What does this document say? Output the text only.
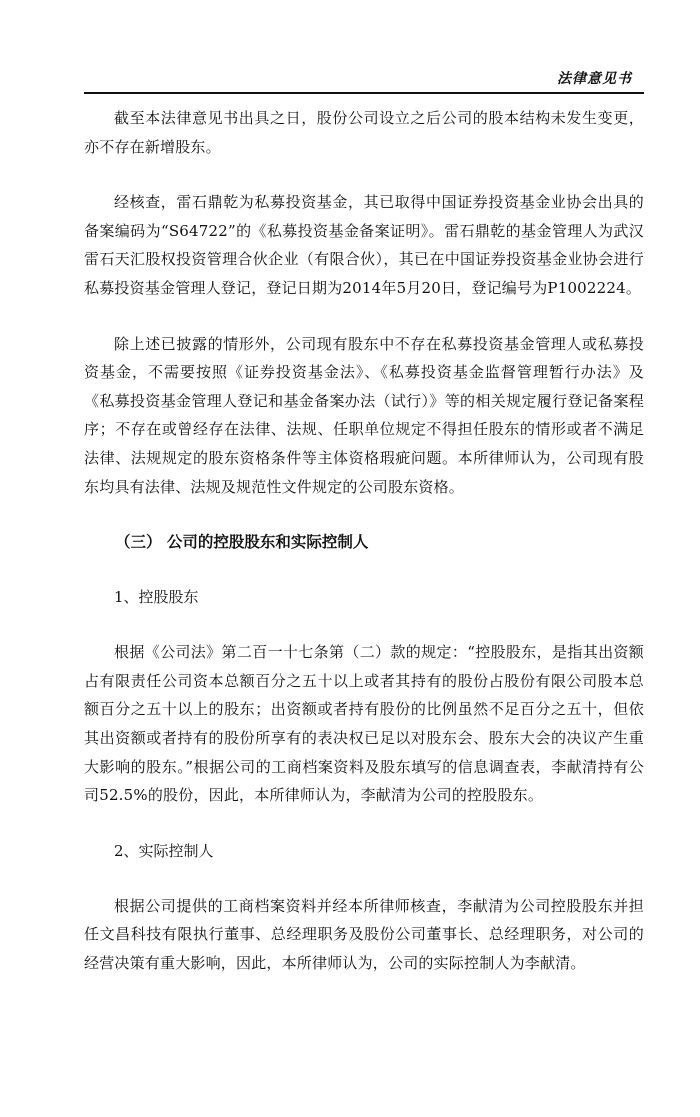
法律意见书

截至本法律意见书出具之日，股份公司设立之后公司的股本结构未发生变更，亦不存在新增股东。

经核查，雷石鼎乾为私募投资基金，其已取得中国证券投资基金业协会出具的备案编码为“S64722”的《私募投资基金备案证明》。雷石鼎乾的基金管理人为武汉雷石天汇股权投资管理合伙企业（有限合伙），其已在中国证券投资基金业协会进行私募投资基金管理人登记，登记日期为2014年5月20日，登记编号为P1002224。

除上述已披露的情形外，公司现有股东中不存在私募投资基金管理人或私募投资基金，不需要按照《证券投资基金法》、《私募投资基金监督管理暂行办法》及《私募投资基金管理人登记和基金备案办法（试行）》等的相关规定履行登记备案程序；不存在或曾经存在法律、法规、任职单位规定不得担任股东的情形或者不满足法律、法规规定的股东资格条件等主体资格瑕疵问题。本所律师认为，公司现有股东均具有法律、法规及规范性文件规定的公司股东资格。

（三） 公司的控股股东和实际控制人
1、控股股东

根据《公司法》第二百一十七条第（二）款的规定：“控股股东，是指其出资额占有限责任公司资本总额百分之五十以上或者其持有的股份占股份有限公司股本总额百分之五十以上的股东；出资额或者持有股份的比例虽然不足百分之五十，但依其出资额或者持有的股份所享有的表决权已足以对股东会、股东大会的决议产生重大影响的股东。”根据公司的工商档案资料及股东填写的信息调查表，李献清持有公司52.5%的股份，因此，本所律师认为，李献清为公司的控股股东。

2、实际控制人

根据公司提供的工商档案资料并经本所律师核查，李献清为公司控股股东并担任文昌科技有限执行董事、总经理职务及股份公司董事长、总经理职务，对公司的经营决策有重大影响，因此，本所律师认为，公司的实际控制人为李献清。
